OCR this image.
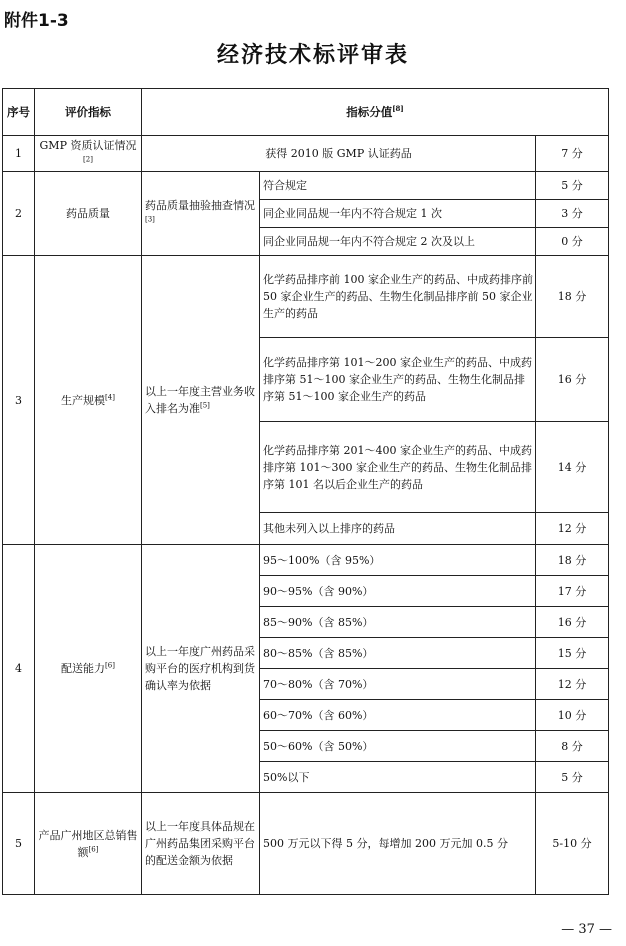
附件1-3
经济技术标评审表
序号	评价指标	指标分值[8]
1	GMP 资质认证情况[2]	获得 2010 版 GMP 认证药品		7 分
2	药品质量	药品质量抽验抽查情况[3]	符合规定	5 分
			同企业同品规一年内不符合规定 1 次	3 分
			同企业同品规一年内不符合规定 2 次及以上	0 分
3	生产规模[4]	以上一年度主营业务收入排名为准[5]	化学药品排序前 100 家企业生产的药品、中成药排序前 50 家企业生产的药品、生物生化制品排序前 50 家企业生产的药品	18 分
			化学药品排序第 101～200 家企业生产的药品、中成药排序第 51～100 家企业生产的药品、生物生化制品排序第 51～100 家企业生产的药品	16 分
			化学药品排序第 201～400 家企业生产的药品、中成药排序第 101～300 家企业生产的药品、生物生化制品排序第 101 名以后企业生产的药品	14 分
			其他未列入以上排序的药品	12 分
4	配送能力[6]	以上一年度广州药品采购平台的医疗机构到货确认率为依据	95～100%（含 95%）	18 分
			90～95%（含 90%）	17 分
			85～90%（含 85%）	16 分
			80～85%（含 85%）	15 分
			70～80%（含 70%）	12 分
			60～70%（含 60%）	10 分
			50～60%（含 50%）	8 分
			50%以下	5 分
5	产品广州地区总销售额[6]	以上一年度具体品规在广州药品集团采购平台的配送金额为依据	500 万元以下得 5 分，每增加 200 万元加 0.5 分	5-10 分
— 37 —
